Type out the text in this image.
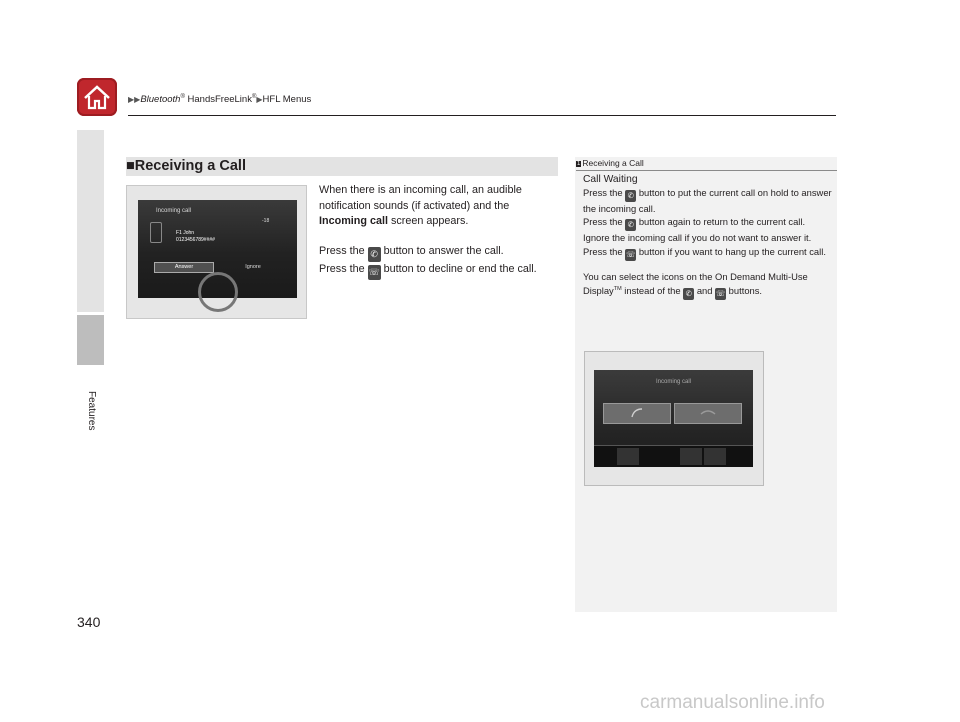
▶▶Bluetooth® HandsFreeLink®▶HFL Menus
Features
340
■Receiving a Call
Incoming call
F1 John
0123456789####
-18
Answer	Ignore

When there is an incoming call, an audible

notification sounds (if activated) and the

Incoming call screen appears.

Press the ✆ button to answer the call.

Press the ☏ button to decline or end the call.

1 Receiving a Call

Call Waiting

Press the ✆ button to put the current call on hold to answer the incoming call.

Press the ✆ button again to return to the current call.

Ignore the incoming call if you do not want to answer it.

Press the ☏ button if you want to hang up the current call.

You can select the icons on the On Demand Multi-Use Display™ instead of the ✆ and ☏ buttons.

Incoming call
carmanualsonline.info
